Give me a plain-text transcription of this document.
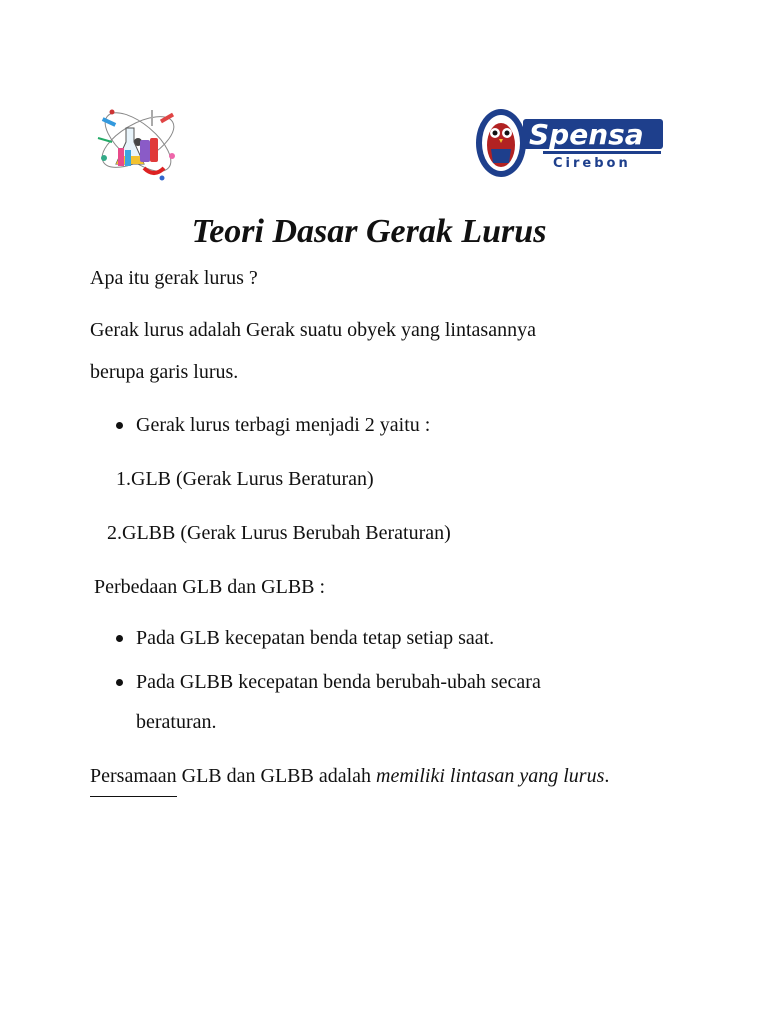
Spensa
Cirebon
Teori Dasar Gerak Lurus
Apa itu gerak lurus ?
Gerak lurus adalah Gerak suatu obyek yang lintasannya
berupa garis lurus.
Gerak lurus terbagi menjadi 2 yaitu :
1.GLB (Gerak Lurus Beraturan)
2.GLBB (Gerak Lurus Berubah Beraturan)
Perbedaan GLB dan GLBB :
Pada GLB kecepatan benda tetap setiap saat.
Pada GLBB kecepatan benda berubah-ubah secara
beraturan.
Persamaan GLB dan GLBB adalah memiliki lintasan yang lurus.
